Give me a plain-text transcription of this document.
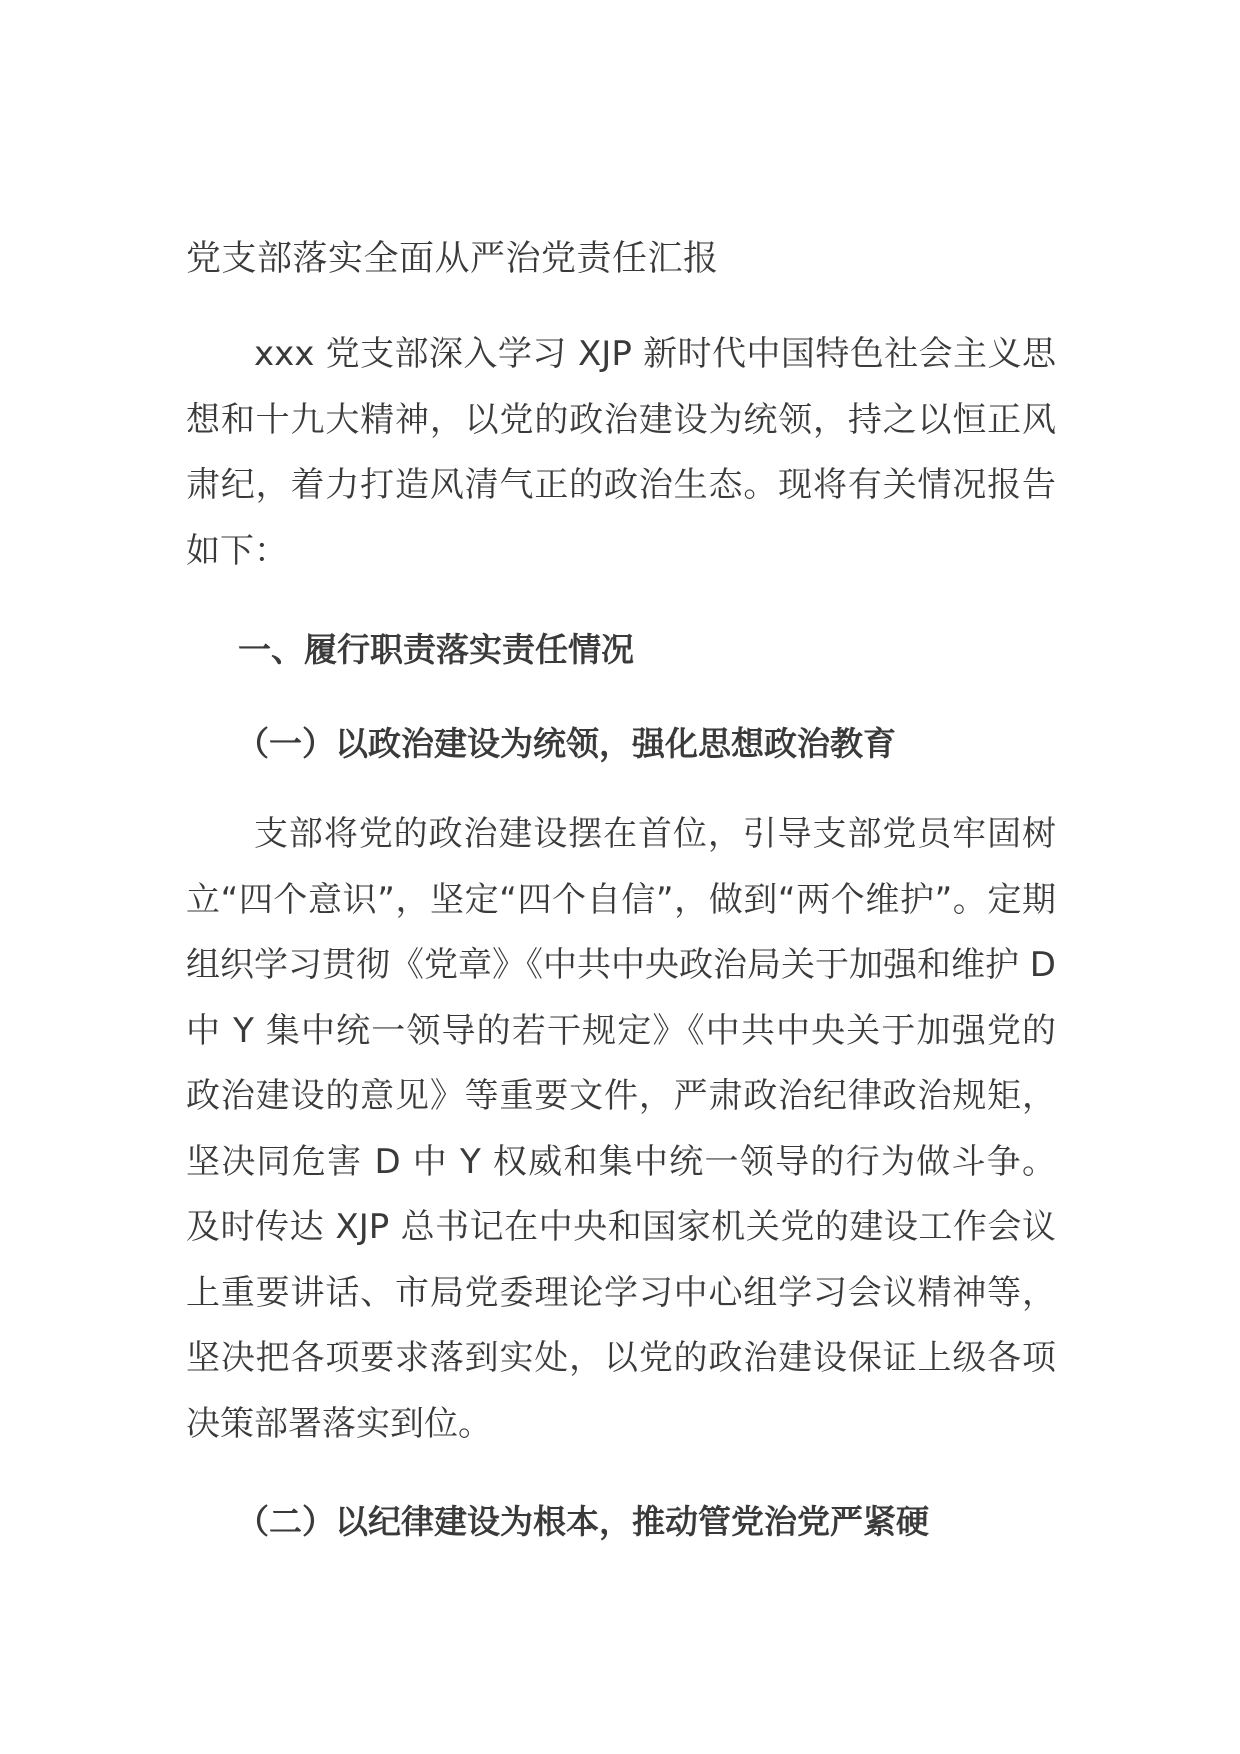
党支部落实全面从严治党责任汇报

xxx 党支部深入学习 XJP 新时代中国特色社会主义思想和十九大精神，以党的政治建设为统领，持之以恒正风肃纪，着力打造风清气正的政治生态。现将有关情况报告如下：

一、履行职责落实责任情况
（一）以政治建设为统领，强化思想政治教育

支部将党的政治建设摆在首位，引导支部党员牢固树立“四个意识”，坚定“四个自信”，做到“两个维护”。定期组织学习贯彻《党章》《中共中央政治局关于加强和维护 D 中 Y 集中统一领导的若干规定》《中共中央关于加强党的政治建设的意见》等重要文件，严肃政治纪律政治规矩，坚决同危害 D 中 Y 权威和集中统一领导的行为做斗争。及时传达 XJP 总书记在中央和国家机关党的建设工作会议上重要讲话、市局党委理论学习中心组学习会议精神等，坚决把各项要求落到实处，以党的政治建设保证上级各项决策部署落实到位。

（二）以纪律建设为根本，推动管党治党严紧硬
